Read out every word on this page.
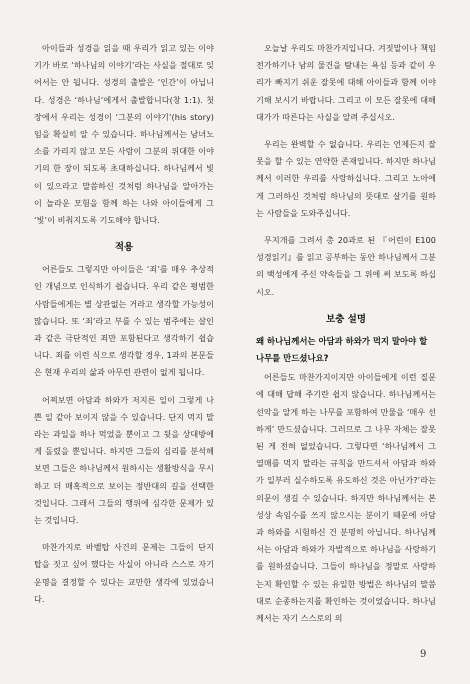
아이들과 성경을 읽을 때 우리가 읽고 있는 이야기가 바로 ‘하나님의 이야기’라는 사실을 절대로 잊어서는 안 됩니다. 성경의 출발은 ‘인간’이 아닙니다. 성경은 ‘하나님’에게서 출발합니다(창 1:1). 첫 장에서 우리는 성경이 ‘그분의 이야기’(his story)임을 확실히 알 수 있습니다. 하나님께서는 남녀노소를 가리지 않고 모든 사람이 그분의 위대한 이야기의 한 장이 되도록 초대하십니다. 하나님께서 빛이 있으라고 말씀하신 것처럼 하나님을 알아가는 이 놀라운 모험을 함께 하는 나와 아이들에게 그 ‘빛’이 비춰지도록 기도해야 합니다.

적용

어른들도 그렇지만 아이들은 ‘죄’를 매우 추상적인 개념으로 인식하기 쉽습니다. 우리 같은 평범한 사람들에게는 별 상관없는 거라고 생각할 가능성이 많습니다. 또 ‘죄’라고 부를 수 있는 범주에는 살인과 같은 극단적인 죄만 포함된다고 생각하기 쉽습니다. 죄를 이런 식으로 생각할 경우, 1과의 본문들은 현재 우리의 삶과 아무런 관련이 없게 됩니다.

어찌보면 아담과 하와가 저지른 일이 그렇게 나쁜 일 같아 보이지 않을 수 있습니다. 단지 먹지 말라는 과일을 하나 먹었을 뿐이고 그 뒷을 상대방에게 돌렸을 뿐입니다. 하지만 그들의 심리를 분석해 보면 그들은 하나님께서 원하시는 생활방식을 무시하고 더 매혹적으로 보이는 정반대의 길을 선택한 것입니다. 그래서 그들의 행위에 심각한 문제가 있는 것입니다.

마찬가지로 바벨탑 사건의 문제는 그들이 단지 탑을 짓고 싶어 했다는 사실이 아니라 스스로 자기 운명을 결정할 수 있다는 교만한 생각에 있었습니다.

오늘날 우리도 마찬가지입니다. 겨짓말이나 책임 전가하기나 남의 물건을 탐내는 욕심 등과 같이 우리가 빠지기 쉬운 잘못에 대해 아이들과 함께 이야기해 보시기 바랍니다. 그리고 이 모든 잘못에 대해 대가가 따른다는 사실을 알려 주십시오.

우리는 완벽할 수 없습니다. 우리는 언제든지 잘못을 할 수 있는 연약한 존재입니다. 하지만 하나님께서 이러한 우리를 사랑하십니다. 그리고 노아에게 그러하신 것처럼 하나님의 뜻대로 살기를 원하는 사람들을 도와주십니다.

무지개를 그려서 총 20과로 된 『어린이 E100 성경읽기』를 읽고 공부하는 동안 하나님께서 그분의 백성에게 주신 약속들을 그 위에 써 보도록 하십시오.

보충 설명
왜 하나님께서는 아담과 하와가 먹지 말아야 할 나무를 만드셨나요?

어른들도 마찬가지이지만 아이들에게 이런 질문에 대해 답해 주기란 쉽지 않습니다. 하나님께서는 선악을 알게 하는 나무를 포함하여 만물을 ‘매우 선하게’ 만드셨습니다. 그러므로 그 나무 자체는 잘못된 게 전혀 없었습니다. 그렇다면 ‘하나님께서 그 열매를 먹지 말라는 규칙을 만드셔서 아담과 하와가 일부러 실수하도록 유도하신 것은 아닌가?’라는 의문이 생길 수 있습니다. 하지만 하나님께서는 본성상 속임수를 쓰지 않으시는 분이기 때문에 아담과 하와를 시험하신 건 분명히 아닙니다. 하나님께서는 아담과 하와가 자발적으로 하나님을 사랑하기를 원하셨습니다. 그들이 하나님을 정말로 사랑하는지 확인할 수 있는 유일한 방법은 하나님의 말씀대로 순종하는지를 확인하는 것이었습니다. 하나님께서는 자기 스스로의 의

9
